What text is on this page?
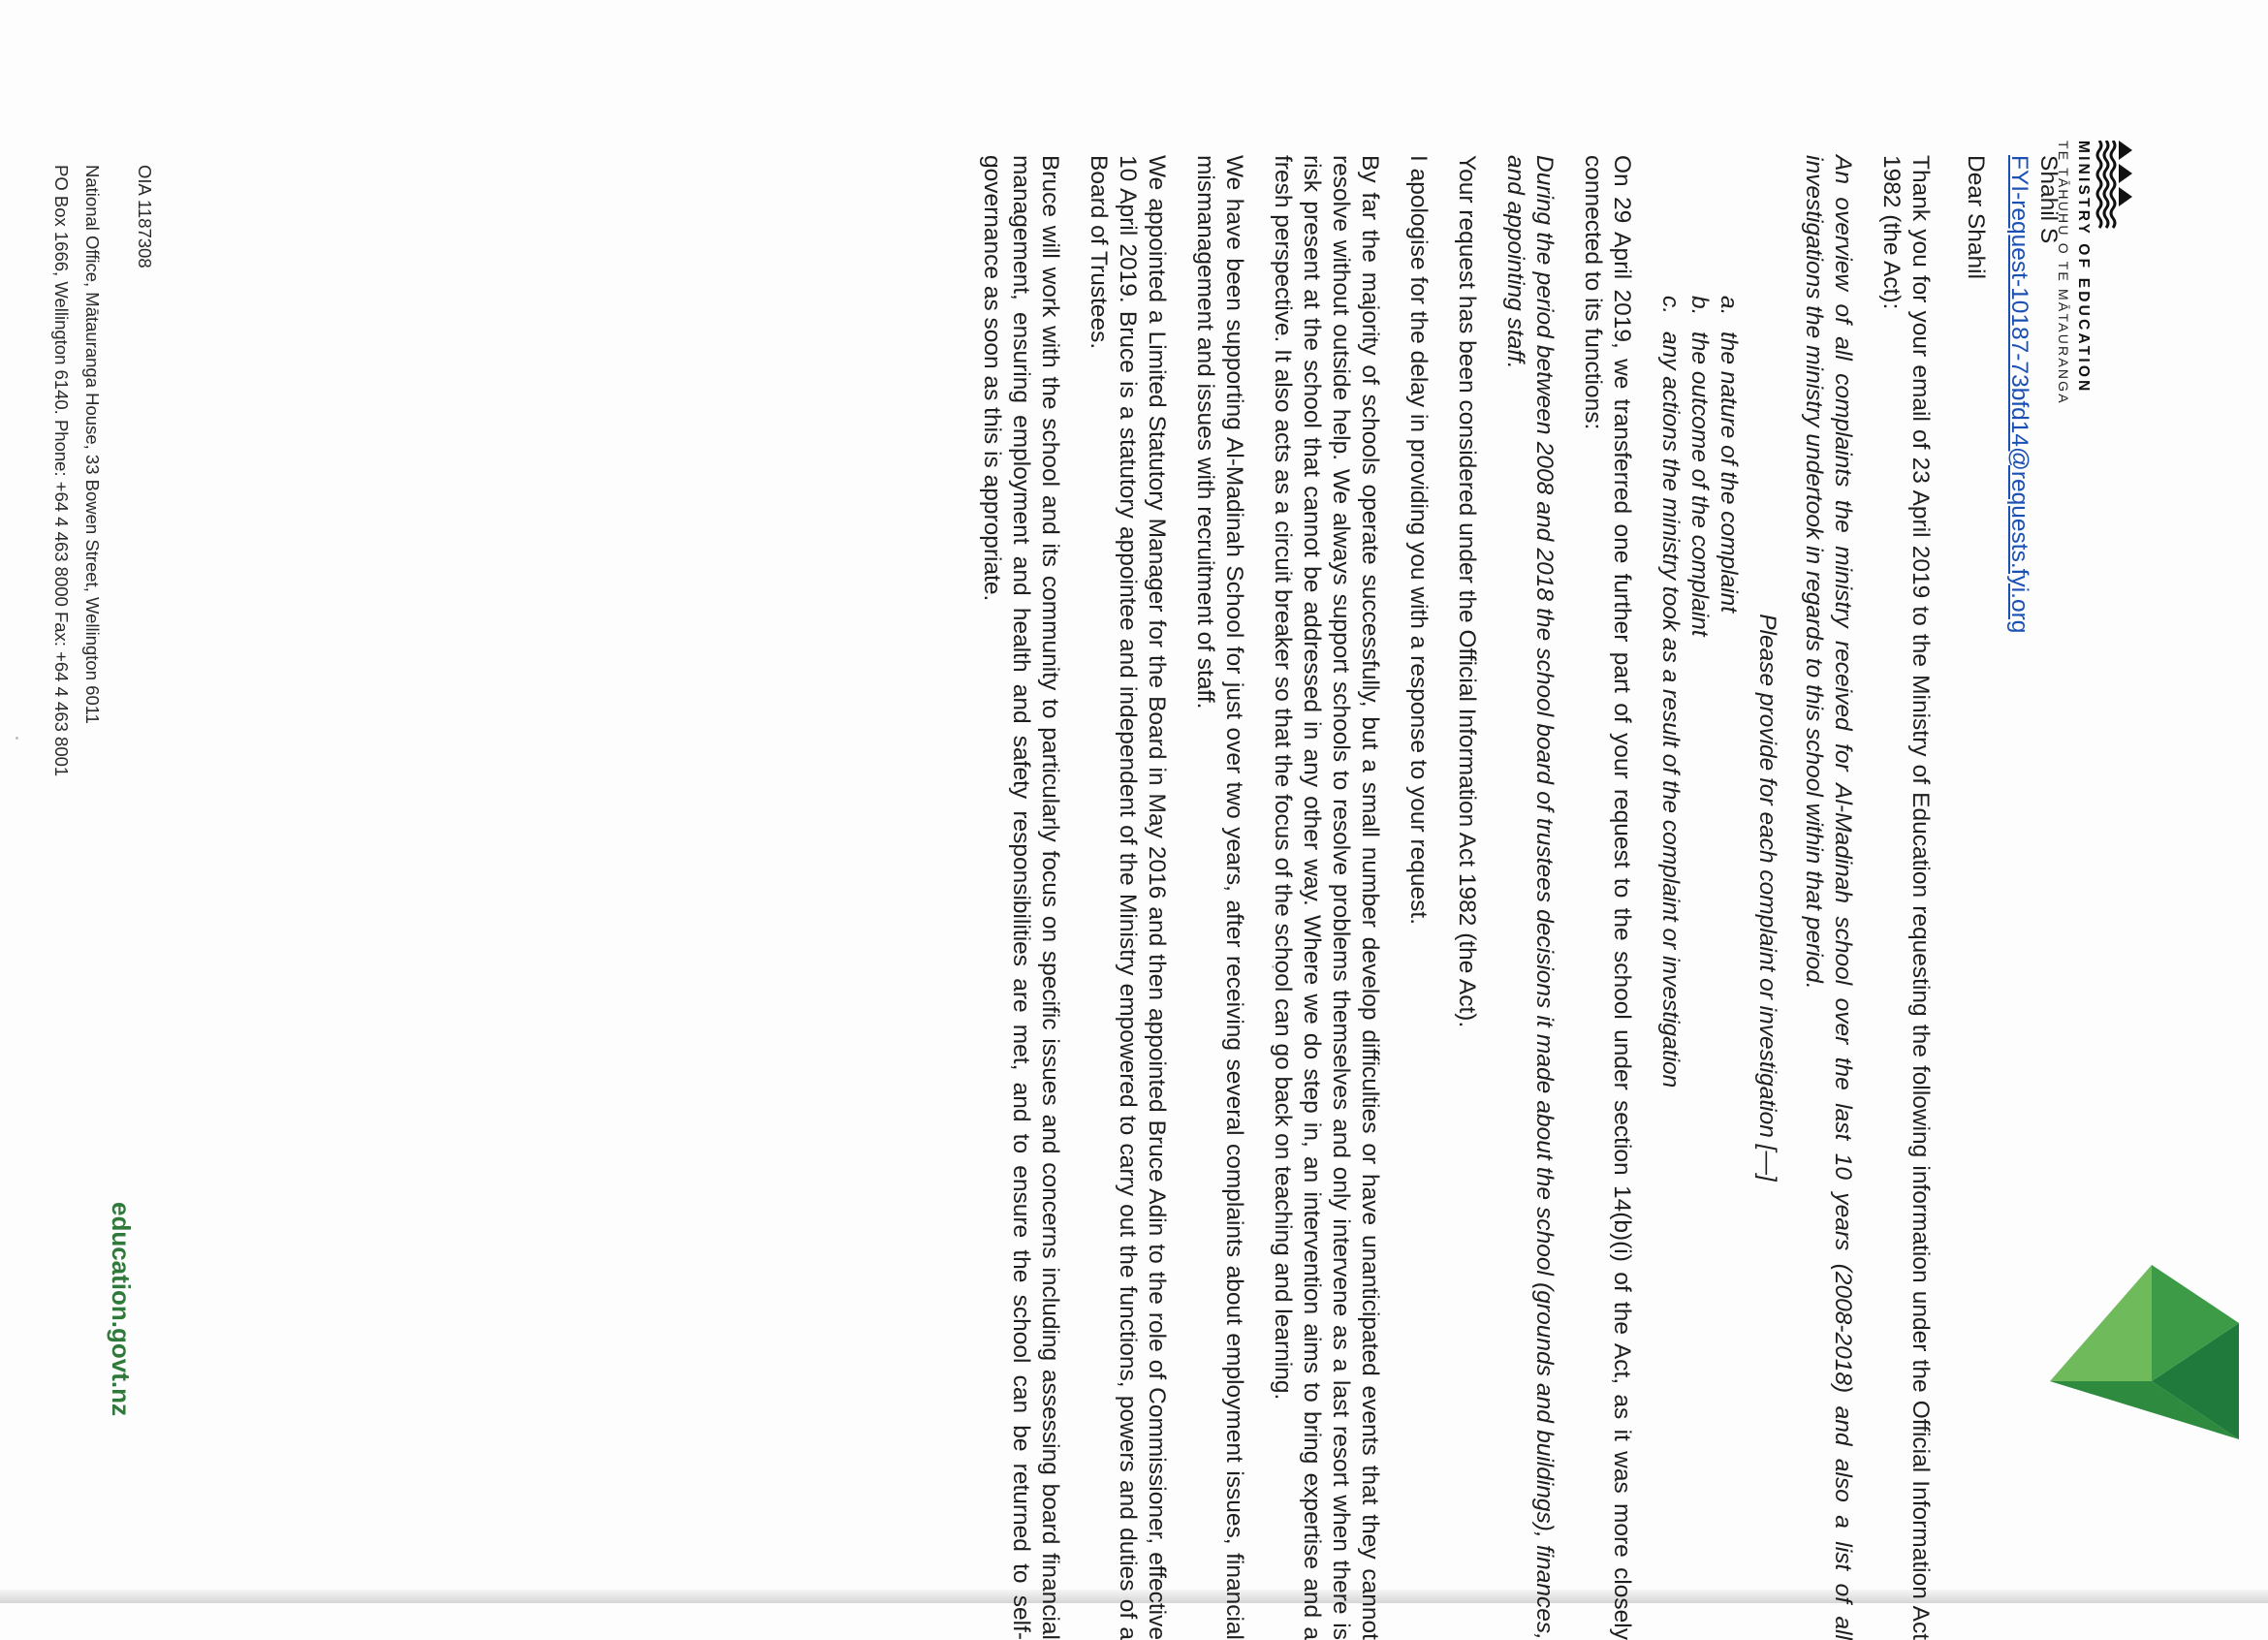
MINISTRY OF EDUCATION
TE TĀHUHU O TE MĀTAURANGA

Shahil S
FYI-request-10187-73bfd14@requests.fyi.org

Dear Shahil

Thank you for your email of 23 April 2019 to the Ministry of Education requesting the following information under the Official Information Act 1982 (the Act):

An overview of all complaints the ministry received for Al-Madinah school over the last 10 years (2008-2018) and also a list of all investigations the ministry undertook in regards to this school within that period.

Please provide for each complaint or investigation [—]

a.
the nature of the complaint
b.
the outcome of the complaint
c.
any actions the ministry took as a result of the complaint or investigation

On 29 April 2019, we transferred one further part of your request to the school under section 14(b)(i) of the Act, as it was more closely connected to its functions:

During the period between 2008 and 2018 the school board of trustees decisions it made about the school (grounds and buildings), finances, and appointing staff.

Your request has been considered under the Official Information Act 1982 (the Act).

I apologise for the delay in providing you with a response to your request.

By far the majority of schools operate successfully, but a small number develop difficulties or have unanticipated events that they cannot resolve without outside help. We always support schools to resolve problems themselves and only intervene as a last resort when there is risk present at the school that cannot be addressed in any other way. Where we do step in, an intervention aims to bring expertise and a fresh perspective. It also acts as a circuit breaker so that the focus of the school can go back on teaching and learning.

We have been supporting Al-Madinah School for just over two years, after receiving several complaints about employment issues, financial mismanagement and issues with recruitment of staff.

We appointed a Limited Statutory Manager for the Board in May 2016 and then appointed Bruce Adin to the role of Commissioner, effective 10 April 2019. Bruce is a statutory appointee and independent of the Ministry empowered to carry out the functions, powers and duties of a Board of Trustees.

Bruce will work with the school and its community to particularly focus on specific issues and concerns including assessing board financial management, ensuring employment and health and safety responsibilities are met, and to ensure the school can be returned to self-governance as soon as this is appropriate.

OIA 1187308

National Office, Mātauranga House, 33 Bowen Street, Wellington 6011

PO Box 1666, Wellington 6140. Phone: +64 4 463 8000 Fax: +64 4 463 8001

education.govt.nz
